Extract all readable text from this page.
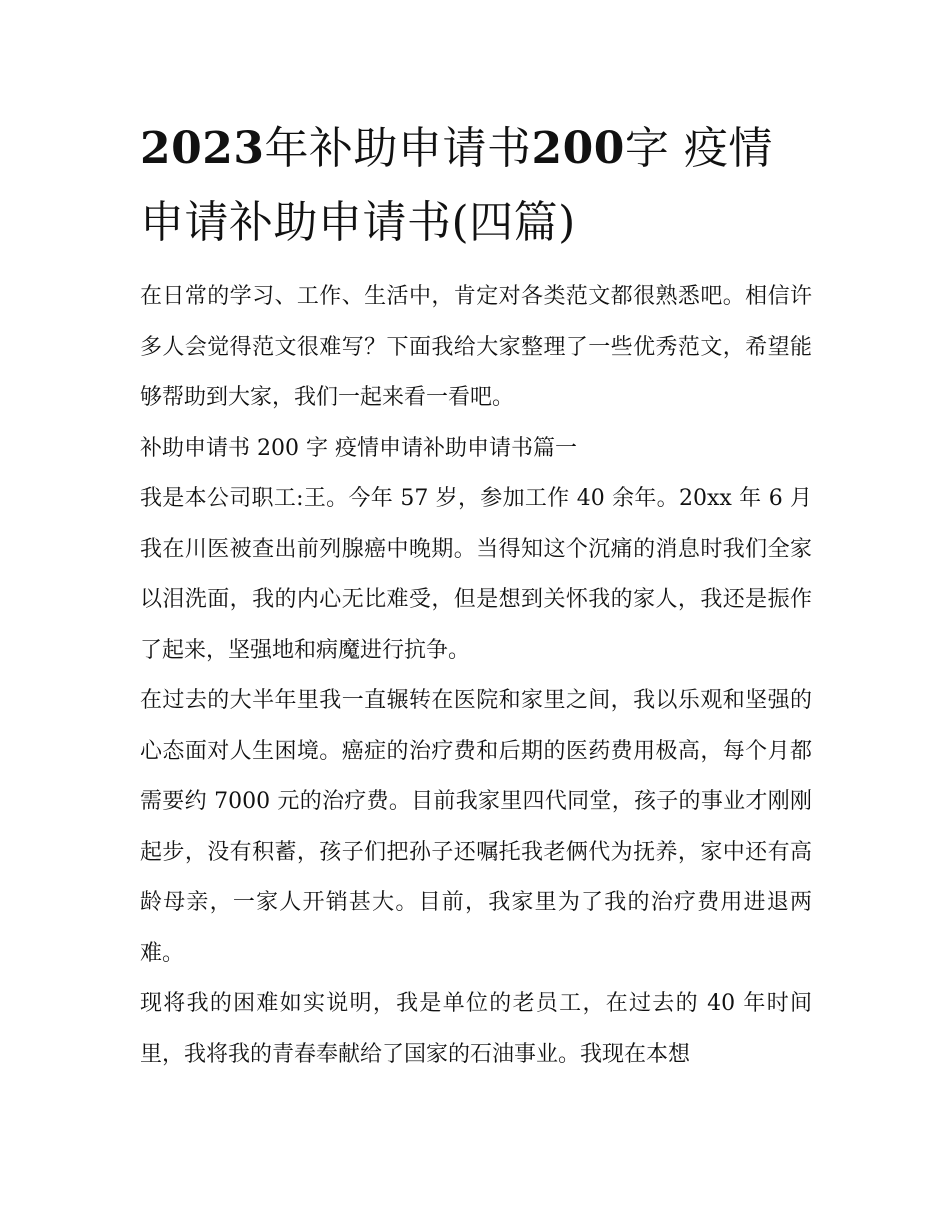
2023年补助申请书200字 疫情
申请补助申请书(四篇)

在日常的学习、工作、生活中，肯定对各类范文都很熟悉吧。相信许多人会觉得范文很难写？下面我给大家整理了一些优秀范文，希望能够帮助到大家，我们一起来看一看吧。

补助申请书 200 字 疫情申请补助申请书篇一

我是本公司职工:王。今年 57 岁，参加工作 40 余年。20xx 年 6 月我在川医被查出前列腺癌中晚期。当得知这个沉痛的消息时我们全家以泪洗面，我的内心无比难受，但是想到关怀我的家人，我还是振作了起来，坚强地和病魔进行抗争。

在过去的大半年里我一直辗转在医院和家里之间，我以乐观和坚强的心态面对人生困境。癌症的治疗费和后期的医药费用极高，每个月都需要约 7000 元的治疗费。目前我家里四代同堂，孩子的事业才刚刚起步，没有积蓄，孩子们把孙子还嘱托我老俩代为抚养，家中还有高龄母亲，一家人开销甚大。目前，我家里为了我的治疗费用进退两难。

现将我的困难如实说明，我是单位的老员工，在过去的 40 年时间里，我将我的青春奉献给了国家的石油事业。我现在本想
